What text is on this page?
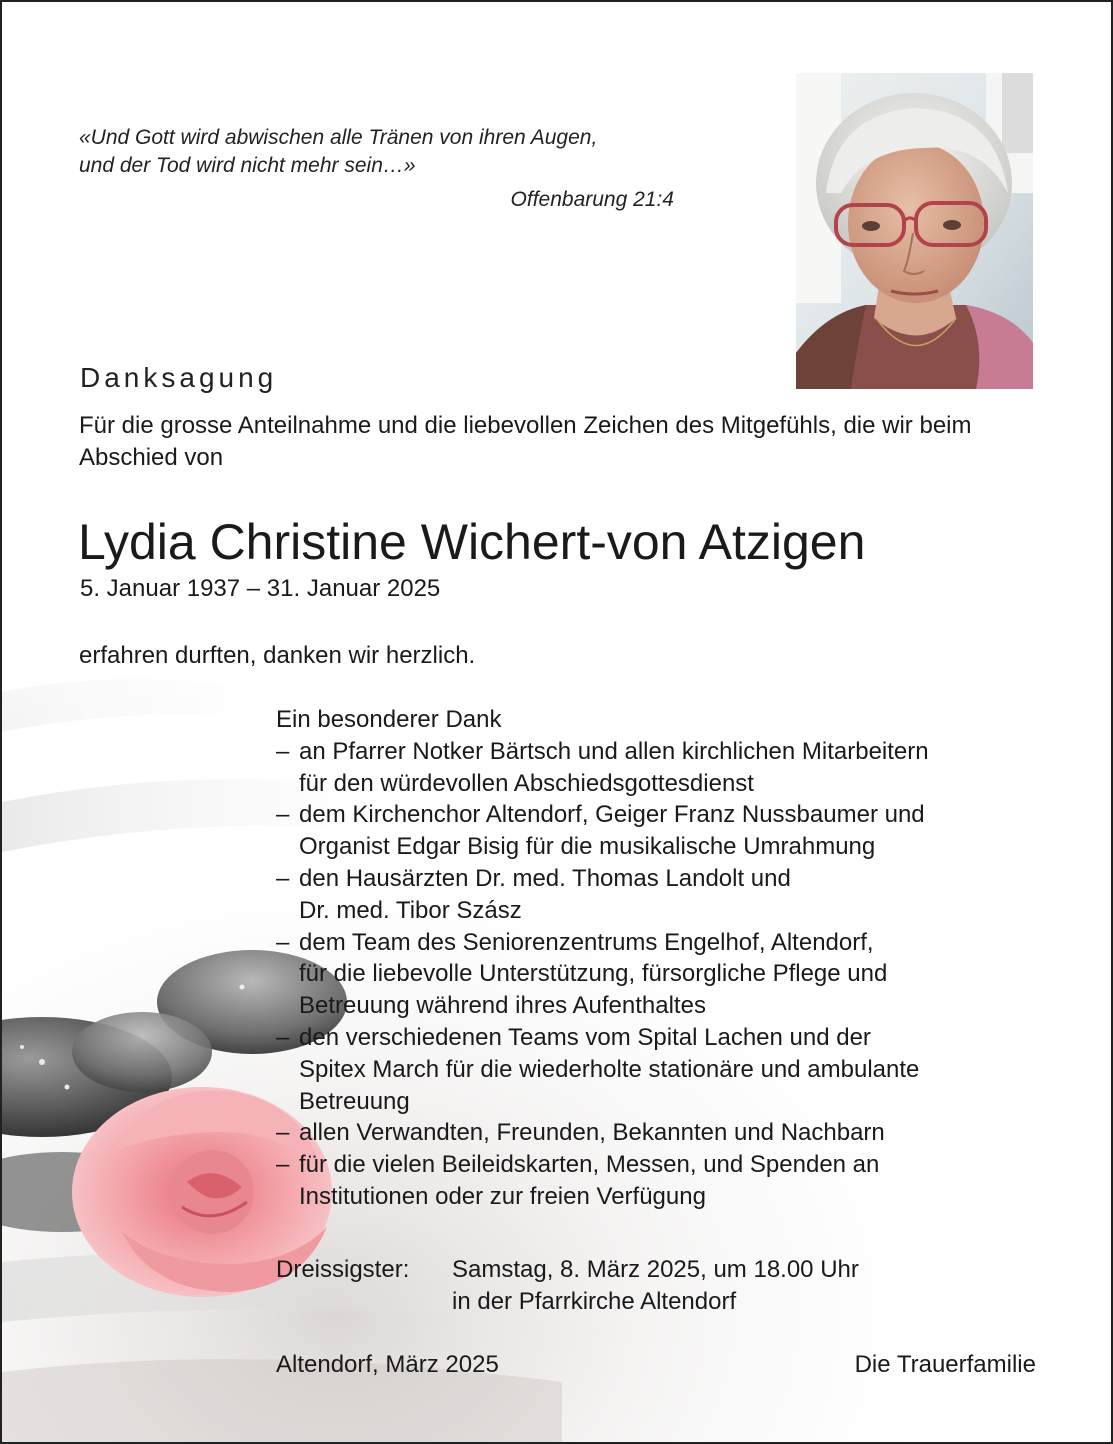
«Und Gott wird abwischen alle Tränen von ihren Augen,
und der Tod wird nicht mehr sein…»
Offenbarung 21:4
Danksagung
Für die grosse Anteilnahme und die liebevollen Zeichen des Mitgefühls, die wir beim Abschied von
Lydia Christine Wichert-von Atzigen
5. Januar 1937 – 31. Januar 2025
erfahren durften, danken wir herzlich.
Ein besonderer Dank
– an Pfarrer Notker Bärtsch und allen kirchlichen Mitarbeitern
für den würdevollen Abschiedsgottesdienst
– dem Kirchenchor Altendorf, Geiger Franz Nussbaumer und
Organist Edgar Bisig für die musikalische Umrahmung
– den Hausärzten Dr. med. Thomas Landolt und
Dr. med. Tibor Szász
– dem Team des Seniorenzentrums Engelhof, Altendorf,
für die liebevolle Unterstützung, fürsorgliche Pflege und
Betreuung während ihres Aufenthaltes
– den verschiedenen Teams vom Spital Lachen und der
Spitex March für die wiederholte stationäre und ambulante
Betreuung
– allen Verwandten, Freunden, Bekannten und Nachbarn
– für die vielen Beileidskarten, Messen, und Spenden an
Institutionen oder zur freien Verfügung
Dreissigster: Samstag, 8. März 2025, um 18.00 Uhr
in der Pfarrkirche Altendorf
Altendorf, März 2025	Die Trauerfamilie
